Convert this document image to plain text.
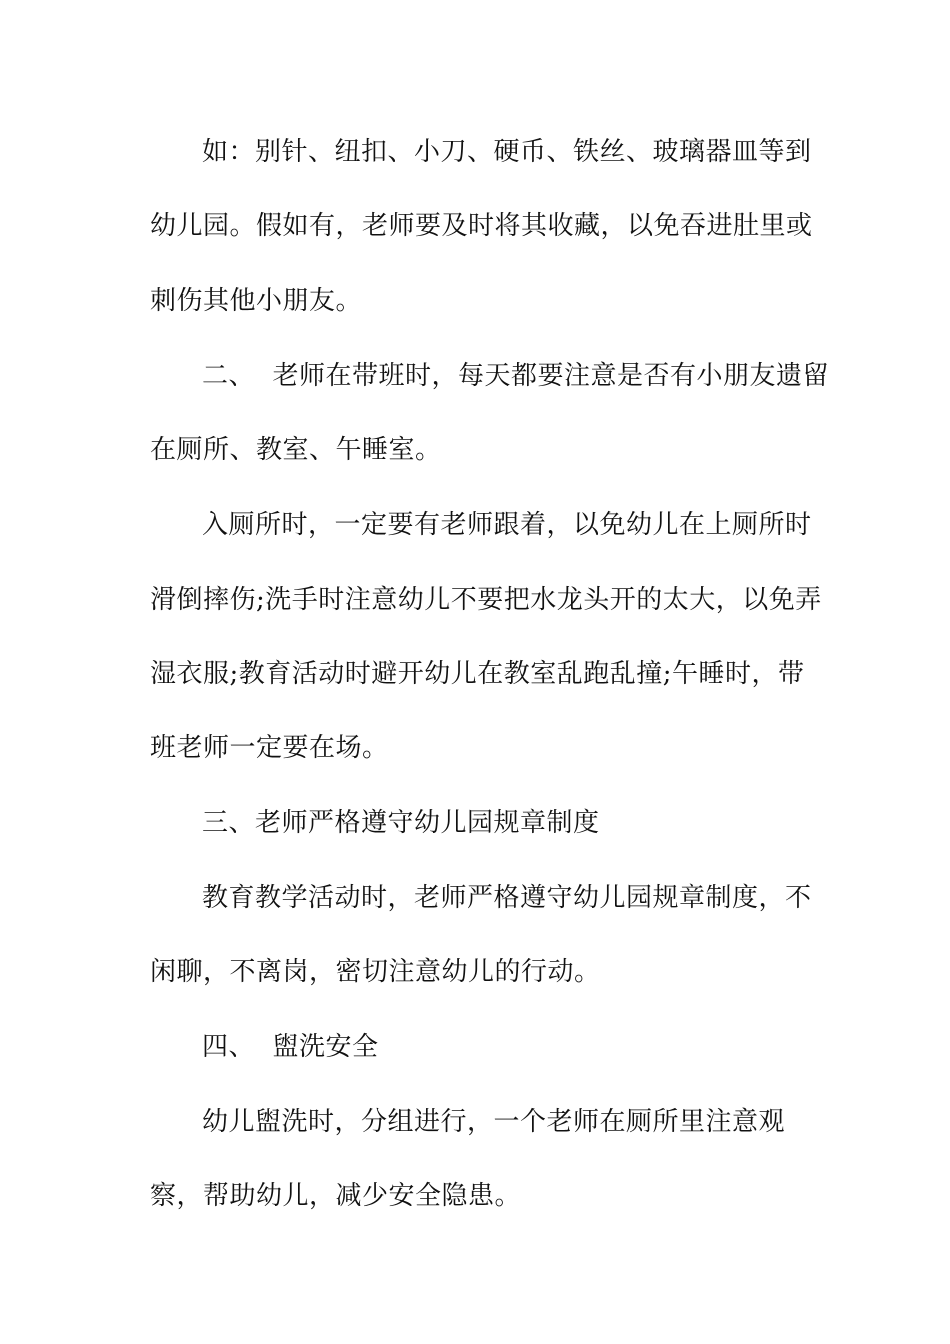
如：别针、纽扣、小刀、硬币、铁丝、玻璃器皿等到
幼儿园。假如有，老师要及时将其收藏，以免吞进肚里或
刺伤其他小朋友。
二、  老师在带班时，每天都要注意是否有小朋友遗留
在厕所、教室、午睡室。
入厕所时，一定要有老师跟着，以免幼儿在上厕所时
滑倒摔伤;洗手时注意幼儿不要把水龙头开的太大，以免弄
湿衣服;教育活动时避开幼儿在教室乱跑乱撞;午睡时，带
班老师一定要在场。
三、老师严格遵守幼儿园规章制度
教育教学活动时，老师严格遵守幼儿园规章制度，不
闲聊，不离岗，密切注意幼儿的行动。
四、  盥洗安全
幼儿盥洗时，分组进行，一个老师在厕所里注意观
察，帮助幼儿，减少安全隐患。
